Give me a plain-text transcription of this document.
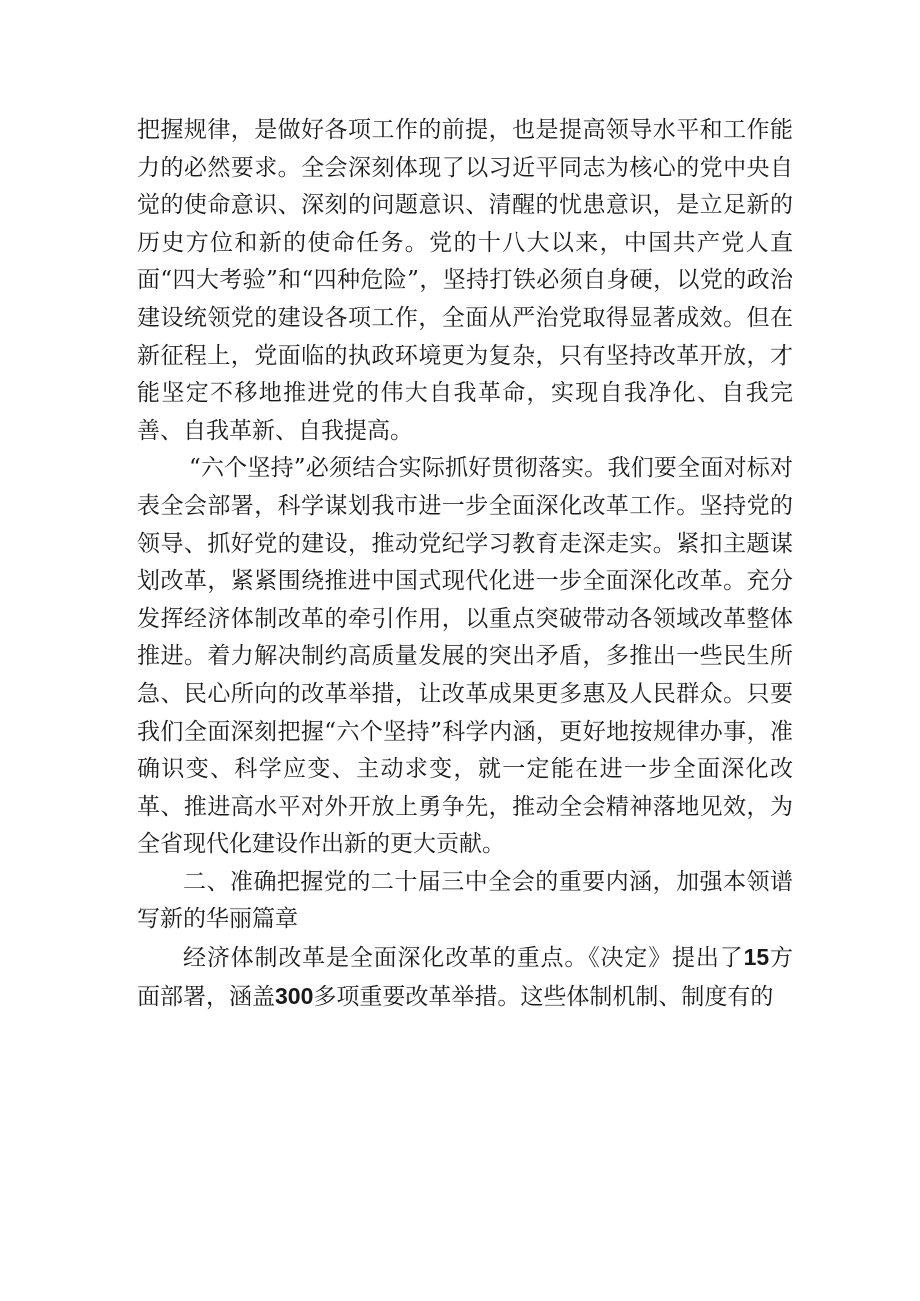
把握规律，是做好各项工作的前提，也是提高领导水平和工作能力的必然要求。全会深刻体现了以习近平同志为核心的党中央自觉的使命意识、深刻的问题意识、清醒的忧患意识，是立足新的历史方位和新的使命任务。党的十八大以来，中国共产党人直面“四大考验”和“四种危险”，坚持打铁必须自身硬，以党的政治建设统领党的建设各项工作，全面从严治党取得显著成效。但在新征程上，党面临的执政环境更为复杂，只有坚持改革开放，才能坚定不移地推进党的伟大自我革命，实现自我净化、自我完善、自我革新、自我提高。

“六个坚持”必须结合实际抓好贯彻落实。我们要全面对标对表全会部署，科学谋划我市进一步全面深化改革工作。坚持党的领导、抓好党的建设，推动党纪学习教育走深走实。紧扣主题谋划改革，紧紧围绕推进中国式现代化进一步全面深化改革。充分发挥经济体制改革的牵引作用，以重点突破带动各领域改革整体推进。着力解决制约高质量发展的突出矛盾，多推出一些民生所急、民心所向的改革举措，让改革成果更多惠及人民群众。只要我们全面深刻把握“六个坚持”科学内涵，更好地按规律办事，准确识变、科学应变、主动求变，就一定能在进一步全面深化改革、推进高水平对外开放上勇争先，推动全会精神落地见效，为全省现代化建设作出新的更大贡献。

二、准确把握党的二十届三中全会的重要内涵，加强本领谱写新的华丽篇章

经济体制改革是全面深化改革的重点。《决定》提出了15方面部署，涵盖300多项重要改革举措。这些体制机制、制度有的
